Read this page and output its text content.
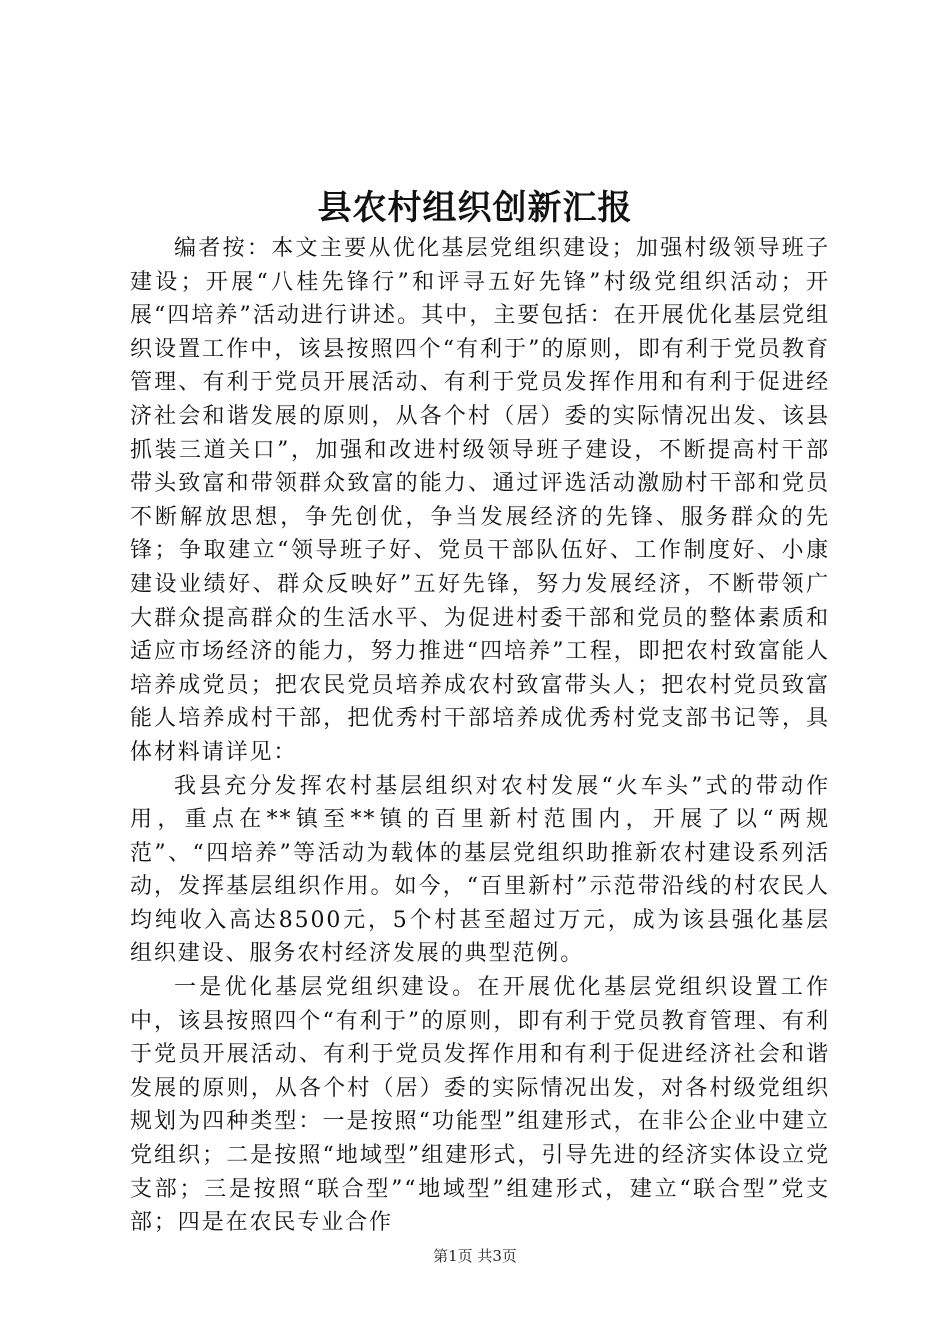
县农村组织创新汇报

编者按：本文主要从优化基层党组织建设；加强村级领导班子建设；开展“八桂先锋行”和评寻五好先锋”村级党组织活动；开展“四培养”活动进行讲述。其中，主要包括：在开展优化基层党组织设置工作中，该县按照四个“有利于”的原则，即有利于党员教育管理、有利于党员开展活动、有利于党员发挥作用和有利于促进经济社会和谐发展的原则，从各个村（居）委的实际情况出发、该县抓装三道关口”，加强和改进村级领导班子建设，不断提高村干部带头致富和带领群众致富的能力、通过评选活动激励村干部和党员不断解放思想，争先创优，争当发展经济的先锋、服务群众的先锋；争取建立“领导班子好、党员干部队伍好、工作制度好、小康建设业绩好、群众反映好”五好先锋，努力发展经济，不断带领广大群众提高群众的生活水平、为促进村委干部和党员的整体素质和适应市场经济的能力，努力推进“四培养”工程，即把农村致富能人培养成党员；把农民党员培养成农村致富带头人；把农村党员致富能人培养成村干部，把优秀村干部培养成优秀村党支部书记等，具体材料请详见：

我县充分发挥农村基层组织对农村发展“火车头”式的带动作用，重点在**镇至**镇的百里新村范围内，开展了以“两规范”、“四培养”等活动为载体的基层党组织助推新农村建设系列活动，发挥基层组织作用。如今，“百里新村”示范带沿线的村农民人均纯收入高达8500元，5个村甚至超过万元，成为该县强化基层组织建设、服务农村经济发展的典型范例。

一是优化基层党组织建设。在开展优化基层党组织设置工作中，该县按照四个“有利于”的原则，即有利于党员教育管理、有利于党员开展活动、有利于党员发挥作用和有利于促进经济社会和谐发展的原则，从各个村（居）委的实际情况出发，对各村级党组织规划为四种类型：一是按照“功能型”组建形式，在非公企业中建立党组织；二是按照“地域型”组建形式，引导先进的经济实体设立党支部；三是按照“联合型”“地域型”组建形式，建立“联合型”党支部；四是在农民专业合作

第1页 共3页
